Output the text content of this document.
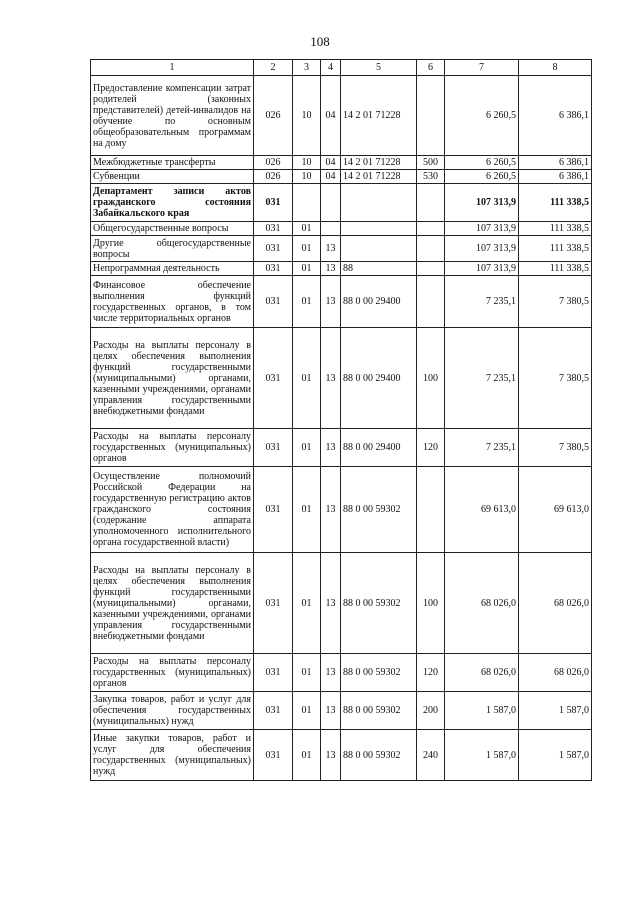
108
1	2	3	4	5	6	7	8
Предоставление компенсации затрат родителей (законных представителей) детей-инвалидов на обучение по основным общеобразовательным программам на дому	026	10	04	14 2 01 71228		6 260,5	6 386,1
Межбюджетные трансферты	026	10	04	14 2 01 71228	500	6 260,5	6 386,1
Субвенции	026	10	04	14 2 01 71228	530	6 260,5	6 386,1
Департамент записи актов гражданского состояния Забайкальского края	031					107 313,9	111 338,5
Общегосударственные вопросы	031	01				107 313,9	111 338,5
Другие общегосударственные вопросы	031	01	13			107 313,9	111 338,5
Непрограммная деятельность	031	01	13	88		107 313,9	111 338,5
Финансовое обеспечение выполнения функций государственных органов, в том числе территориальных органов	031	01	13	88 0 00 29400		7 235,1	7 380,5
Расходы на выплаты персоналу в целях обеспечения выполнения функций государственными (муниципальными) органами, казенными учреждениями, органами управления государственными внебюджетными фондами	031	01	13	88 0 00 29400	100	7 235,1	7 380,5
Расходы на выплаты персоналу государственных (муниципальных) органов	031	01	13	88 0 00 29400	120	7 235,1	7 380,5
Осуществление полномочий Российской Федерации на государственную регистрацию актов гражданского состояния (содержание аппарата уполномоченного исполнительного органа государственной власти)	031	01	13	88 0 00 59302		69 613,0	69 613,0
Расходы на выплаты персоналу в целях обеспечения выполнения функций государственными (муниципальными) органами, казенными учреждениями, органами управления государственными внебюджетными фондами	031	01	13	88 0 00 59302	100	68 026,0	68 026,0
Расходы на выплаты персоналу государственных (муниципальных) органов	031	01	13	88 0 00 59302	120	68 026,0	68 026,0
Закупка товаров, работ и услуг для обеспечения государственных (муниципальных) нужд	031	01	13	88 0 00 59302	200	1 587,0	1 587,0
Иные закупки товаров, работ и услуг для обеспечения государственных (муниципальных) нужд	031	01	13	88 0 00 59302	240	1 587,0	1 587,0
